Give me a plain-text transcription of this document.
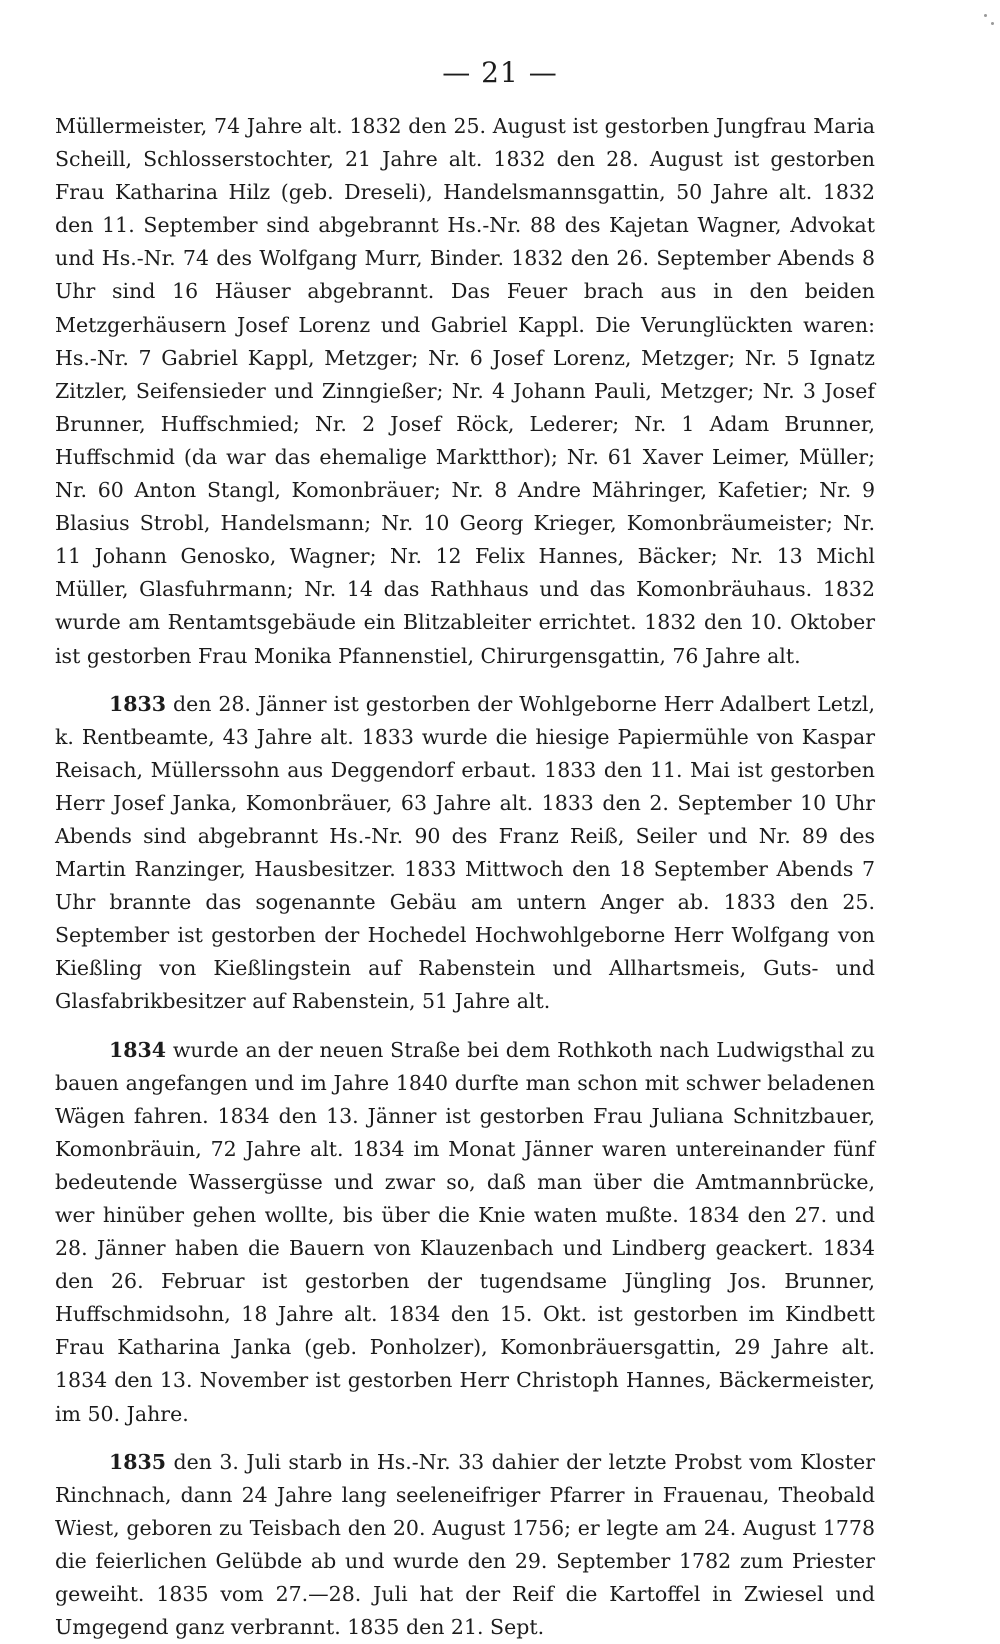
— 21 —

Müllermeister, 74 Jahre alt. 1832 den 25. August ist gestorben Jungfrau Maria Scheill, Schlosserstochter, 21 Jahre alt. 1832 den 28. August ist gestorben Frau Katharina Hilz (geb. Dreseli), Handelsmannsgattin, 50 Jahre alt. 1832 den 11. September sind abgebrannt Hs.-Nr. 88 des Kajetan Wagner, Advokat und Hs.-Nr. 74 des Wolfgang Murr, Binder. 1832 den 26. September Abends 8 Uhr sind 16 Häuser abgebrannt. Das Feuer brach aus in den beiden Metzgerhäusern Josef Lorenz und Gabriel Kappl. Die Verunglückten waren: Hs.-Nr. 7 Gabriel Kappl, Metzger; Nr. 6 Josef Lorenz, Metzger; Nr. 5 Ignatz Zitzler, Seifensieder und Zinngießer; Nr. 4 Johann Pauli, Metzger; Nr. 3 Josef Brunner, Huffschmied; Nr. 2 Josef Röck, Lederer; Nr. 1 Adam Brunner, Huffschmid (da war das ehemalige Marktthor); Nr. 61 Xaver Leimer, Müller; Nr. 60 Anton Stangl, Komonbräuer; Nr. 8 Andre Mähringer, Kafetier; Nr. 9 Blasius Strobl, Handelsmann; Nr. 10 Georg Krieger, Komonbräumeister; Nr. 11 Johann Genosko, Wagner; Nr. 12 Felix Hannes, Bäcker; Nr. 13 Michl Müller, Glasfuhrmann; Nr. 14 das Rathhaus und das Komonbräuhaus. 1832 wurde am Rentamtsgebäude ein Blitzableiter errichtet. 1832 den 10. Oktober ist gestorben Frau Monika Pfannenstiel, Chirurgensgattin, 76 Jahre alt.

1833 den 28. Jänner ist gestorben der Wohlgeborne Herr Adalbert Letzl, k. Rentbeamte, 43 Jahre alt. 1833 wurde die hiesige Papiermühle von Kaspar Reisach, Müllerssohn aus Deggendorf erbaut. 1833 den 11. Mai ist gestorben Herr Josef Janka, Komonbräuer, 63 Jahre alt. 1833 den 2. September 10 Uhr Abends sind abgebrannt Hs.-Nr. 90 des Franz Reiß, Seiler und Nr. 89 des Martin Ranzinger, Hausbesitzer. 1833 Mittwoch den 18 September Abends 7 Uhr brannte das sogenannte Gebäu am untern Anger ab. 1833 den 25. September ist gestorben der Hochedel Hochwohlgeborne Herr Wolfgang von Kießling von Kießlingstein auf Rabenstein und Allhartsmeis, Guts- und Glasfabrikbesitzer auf Rabenstein, 51 Jahre alt.

1834 wurde an der neuen Straße bei dem Rothkoth nach Ludwigsthal zu bauen angefangen und im Jahre 1840 durfte man schon mit schwer beladenen Wägen fahren. 1834 den 13. Jänner ist gestorben Frau Juliana Schnitzbauer, Komonbräuin, 72 Jahre alt. 1834 im Monat Jänner waren untereinander fünf bedeutende Wassergüsse und zwar so, daß man über die Amtmannbrücke, wer hinüber gehen wollte, bis über die Knie waten mußte. 1834 den 27. und 28. Jänner haben die Bauern von Klauzenbach und Lindberg geackert. 1834 den 26. Februar ist gestorben der tugendsame Jüngling Jos. Brunner, Huffschmidsohn, 18 Jahre alt. 1834 den 15. Okt. ist gestorben im Kindbett Frau Katharina Janka (geb. Ponholzer), Komonbräuersgattin, 29 Jahre alt. 1834 den 13. November ist gestorben Herr Christoph Hannes, Bäckermeister, im 50. Jahre.

1835 den 3. Juli starb in Hs.-Nr. 33 dahier der letzte Probst vom Kloster Rinchnach, dann 24 Jahre lang seeleneifriger Pfarrer in Frauenau, Theobald Wiest, geboren zu Teisbach den 20. August 1756; er legte am 24. August 1778 die feierlichen Gelübde ab und wurde den 29. September 1782 zum Priester geweiht. 1835 vom 27.—28. Juli hat der Reif die Kartoffel in Zwiesel und Umgegend ganz verbrannt. 1835 den 21. Sept.
